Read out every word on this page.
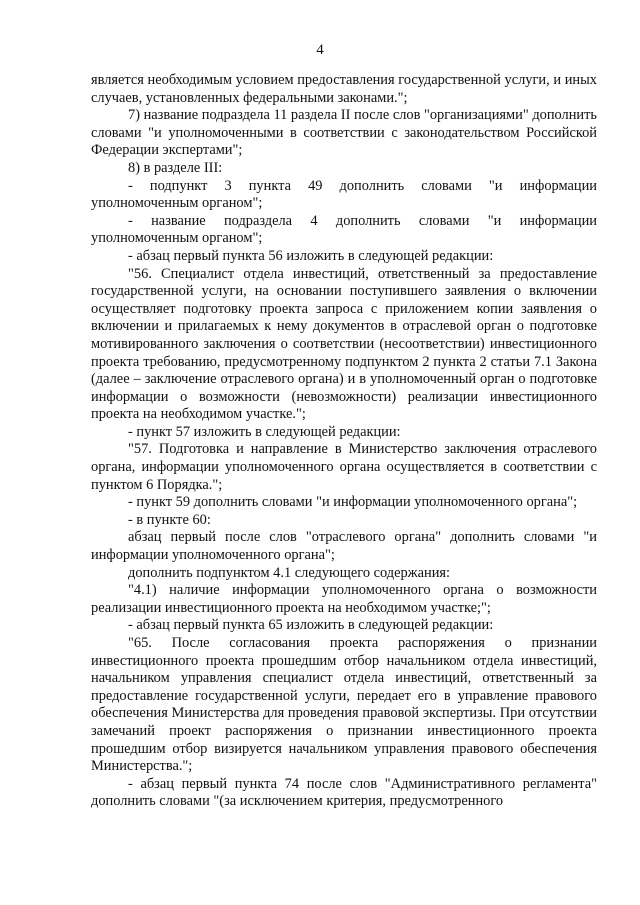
4

является необходимым условием предоставления государственной услуги, и иных случаев, установленных федеральными законами.";

7) название подраздела 11 раздела II после слов "организациями" дополнить словами "и уполномоченными в соответствии с законодательством Российской Федерации экспертами";

8) в разделе III:

- подпункт 3 пункта 49 дополнить словами "и информации уполномоченным органом";

- название подраздела 4 дополнить словами "и информации уполномоченным органом";

- абзац первый пункта 56 изложить в следующей редакции:

"56. Специалист отдела инвестиций, ответственный за предоставление государственной услуги, на основании поступившего заявления о включении осуществляет подготовку проекта запроса с приложением копии заявления о включении и прилагаемых к нему документов в отраслевой орган о подготовке мотивированного заключения о соответствии (несоответствии) инвестиционного проекта требованию, предусмотренному подпунктом 2 пункта 2 статьи 7.1 Закона (далее – заключение отраслевого органа) и в уполномоченный орган о подготовке информации о возможности (невозможности) реализации инвестиционного проекта на необходимом участке.";

- пункт 57 изложить в следующей редакции:

"57. Подготовка и направление в Министерство заключения отраслевого органа, информации уполномоченного органа осуществляется в соответствии с пунктом 6 Порядка.";

- пункт 59 дополнить словами "и информации уполномоченного органа";

- в пункте 60:

абзац первый после слов "отраслевого органа" дополнить словами "и информации уполномоченного органа";

дополнить подпунктом 4.1 следующего содержания:

"4.1) наличие информации уполномоченного органа о возможности реализации инвестиционного проекта на необходимом участке;";

- абзац первый пункта 65 изложить в следующей редакции:

"65. После согласования проекта распоряжения о признании инвестиционного проекта прошедшим отбор начальником отдела инвестиций, начальником управления специалист отдела инвестиций, ответственный за предоставление государственной услуги, передает его в управление правового обеспечения Министерства для проведения правовой экспертизы. При отсутствии замечаний проект распоряжения о признании инвестиционного проекта прошедшим отбор визируется начальником управления правового обеспечения Министерства.";

- абзац первый пункта 74 после слов "Административного регламента" дополнить словами "(за исключением критерия, предусмотренного
